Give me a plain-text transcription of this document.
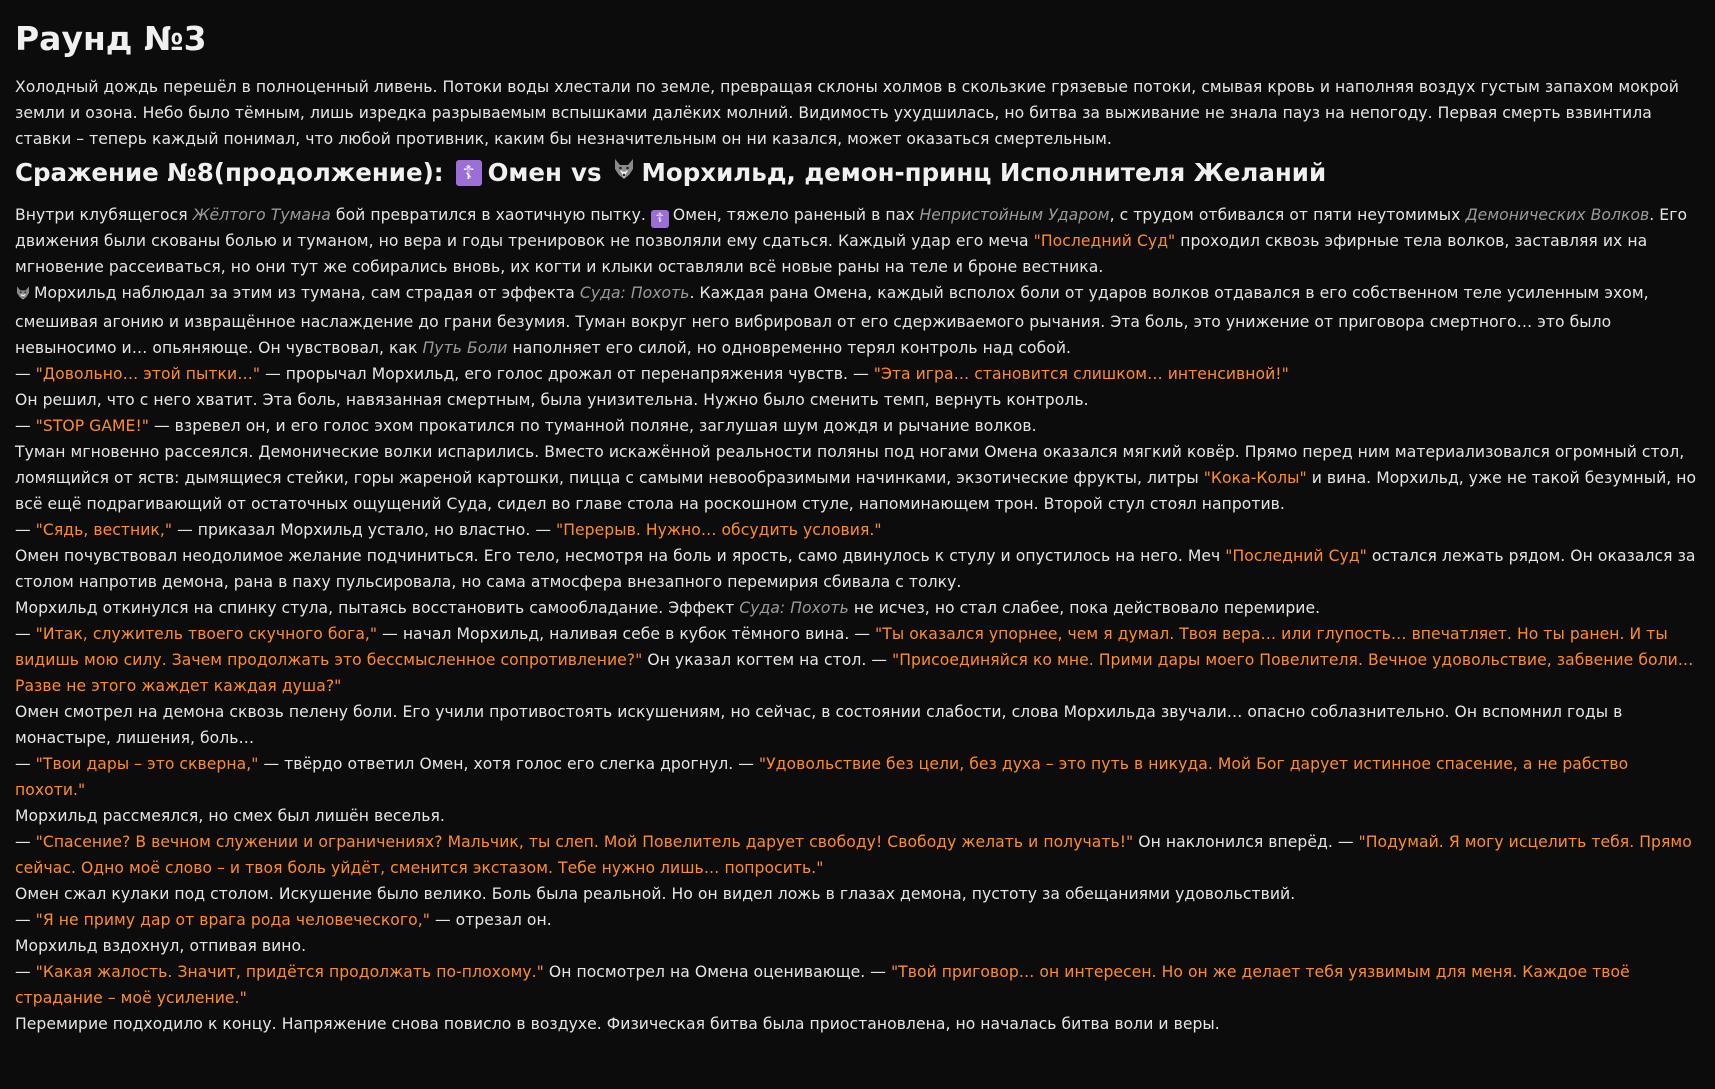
Раунд №3

Холодный дождь перешёл в полноценный ливень. Потоки воды хлестали по земле, превращая склоны холмов в скользкие грязевые потоки, смывая кровь и наполняя воздух густым запахом мокрой земли и озона. Небо было тёмным, лишь изредка разрываемым вспышками далёких молний. Видимость ухудшилась, но битва за выживание не знала пауз на непогоду. Первая смерть взвинтила ставки – теперь каждый понимал, что любой противник, каким бы незначительным он ни казался, может оказаться смертельным.

Сражение №8(продолжение): ☦ Омен vs Морхильд, демон-принц Исполнителя Желаний

Внутри клубящегося Жёлтого Тумана бой превратился в хаотичную пытку. ☦ Омен, тяжело раненый в пах Непристойным Ударом, с трудом отбивался от пяти неутомимых Демонических Волков. Его движения были скованы болью и туманом, но вера и годы тренировок не позволяли ему сдаться. Каждый удар его меча "Последний Суд" проходил сквозь эфирные тела волков, заставляя их на мгновение рассеиваться, но они тут же собирались вновь, их когти и клыки оставляли всё новые раны на теле и броне вестника.

Морхильд наблюдал за этим из тумана, сам страдая от эффекта Суда: Похоть. Каждая рана Омена, каждый всполох боли от ударов волков отдавался в его собственном теле усиленным эхом, смешивая агонию и извращённое наслаждение до грани безумия. Туман вокруг него вибрировал от его сдерживаемого рычания. Эта боль, это унижение от приговора смертного… это было невыносимо и… опьяняюще. Он чувствовал, как Путь Боли наполняет его силой, но одновременно терял контроль над собой.

— "Довольно… этой пытки…" — прорычал Морхильд, его голос дрожал от перенапряжения чувств. — "Эта игра… становится слишком… интенсивной!"

Он решил, что с него хватит. Эта боль, навязанная смертным, была унизительна. Нужно было сменить темп, вернуть контроль.

— "STOP GAME!" — взревел он, и его голос эхом прокатился по туманной поляне, заглушая шум дождя и рычание волков.

Туман мгновенно рассеялся. Демонические волки испарились. Вместо искажённой реальности поляны под ногами Омена оказался мягкий ковёр. Прямо перед ним материализовался огромный стол, ломящийся от яств: дымящиеся стейки, горы жареной картошки, пицца с самыми невообразимыми начинками, экзотические фрукты, литры "Кока-Колы" и вина. Морхильд, уже не такой безумный, но всё ещё подрагивающий от остаточных ощущений Суда, сидел во главе стола на роскошном стуле, напоминающем трон. Второй стул стоял напротив.

— "Сядь, вестник," — приказал Морхильд устало, но властно. — "Перерыв. Нужно… обсудить условия."

Омен почувствовал неодолимое желание подчиниться. Его тело, несмотря на боль и ярость, само двинулось к стулу и опустилось на него. Меч "Последний Суд" остался лежать рядом. Он оказался за столом напротив демона, рана в паху пульсировала, но сама атмосфера внезапного перемирия сбивала с толку.

Морхильд откинулся на спинку стула, пытаясь восстановить самообладание. Эффект Суда: Похоть не исчез, но стал слабее, пока действовало перемирие.

— "Итак, служитель твоего скучного бога," — начал Морхильд, наливая себе в кубок тёмного вина. — "Ты оказался упорнее, чем я думал. Твоя вера… или глупость… впечатляет. Но ты ранен. И ты видишь мою силу. Зачем продолжать это бессмысленное сопротивление?" Он указал когтем на стол. — "Присоединяйся ко мне. Прими дары моего Повелителя. Вечное удовольствие, забвение боли… Разве не этого жаждет каждая душа?"

Омен смотрел на демона сквозь пелену боли. Его учили противостоять искушениям, но сейчас, в состоянии слабости, слова Морхильда звучали… опасно соблазнительно. Он вспомнил годы в монастыре, лишения, боль…

— "Твои дары – это скверна," — твёрдо ответил Омен, хотя голос его слегка дрогнул. — "Удовольствие без цели, без духа – это путь в никуда. Мой Бог дарует истинное спасение, а не рабство похоти."

Морхильд рассмеялся, но смех был лишён веселья.

— "Спасение? В вечном служении и ограничениях? Мальчик, ты слеп. Мой Повелитель дарует свободу! Свободу желать и получать!" Он наклонился вперёд. — "Подумай. Я могу исцелить тебя. Прямо сейчас. Одно моё слово – и твоя боль уйдёт, сменится экстазом. Тебе нужно лишь… попросить."

Омен сжал кулаки под столом. Искушение было велико. Боль была реальной. Но он видел ложь в глазах демона, пустоту за обещаниями удовольствий.

— "Я не приму дар от врага рода человеческого," — отрезал он.

Морхильд вздохнул, отпивая вино.

— "Какая жалость. Значит, придётся продолжать по-плохому." Он посмотрел на Омена оценивающе. — "Твой приговор… он интересен. Но он же делает тебя уязвимым для меня. Каждое твоё страдание – моё усиление."

Перемирие подходило к концу. Напряжение снова повисло в воздухе. Физическая битва была приостановлена, но началась битва воли и веры.
